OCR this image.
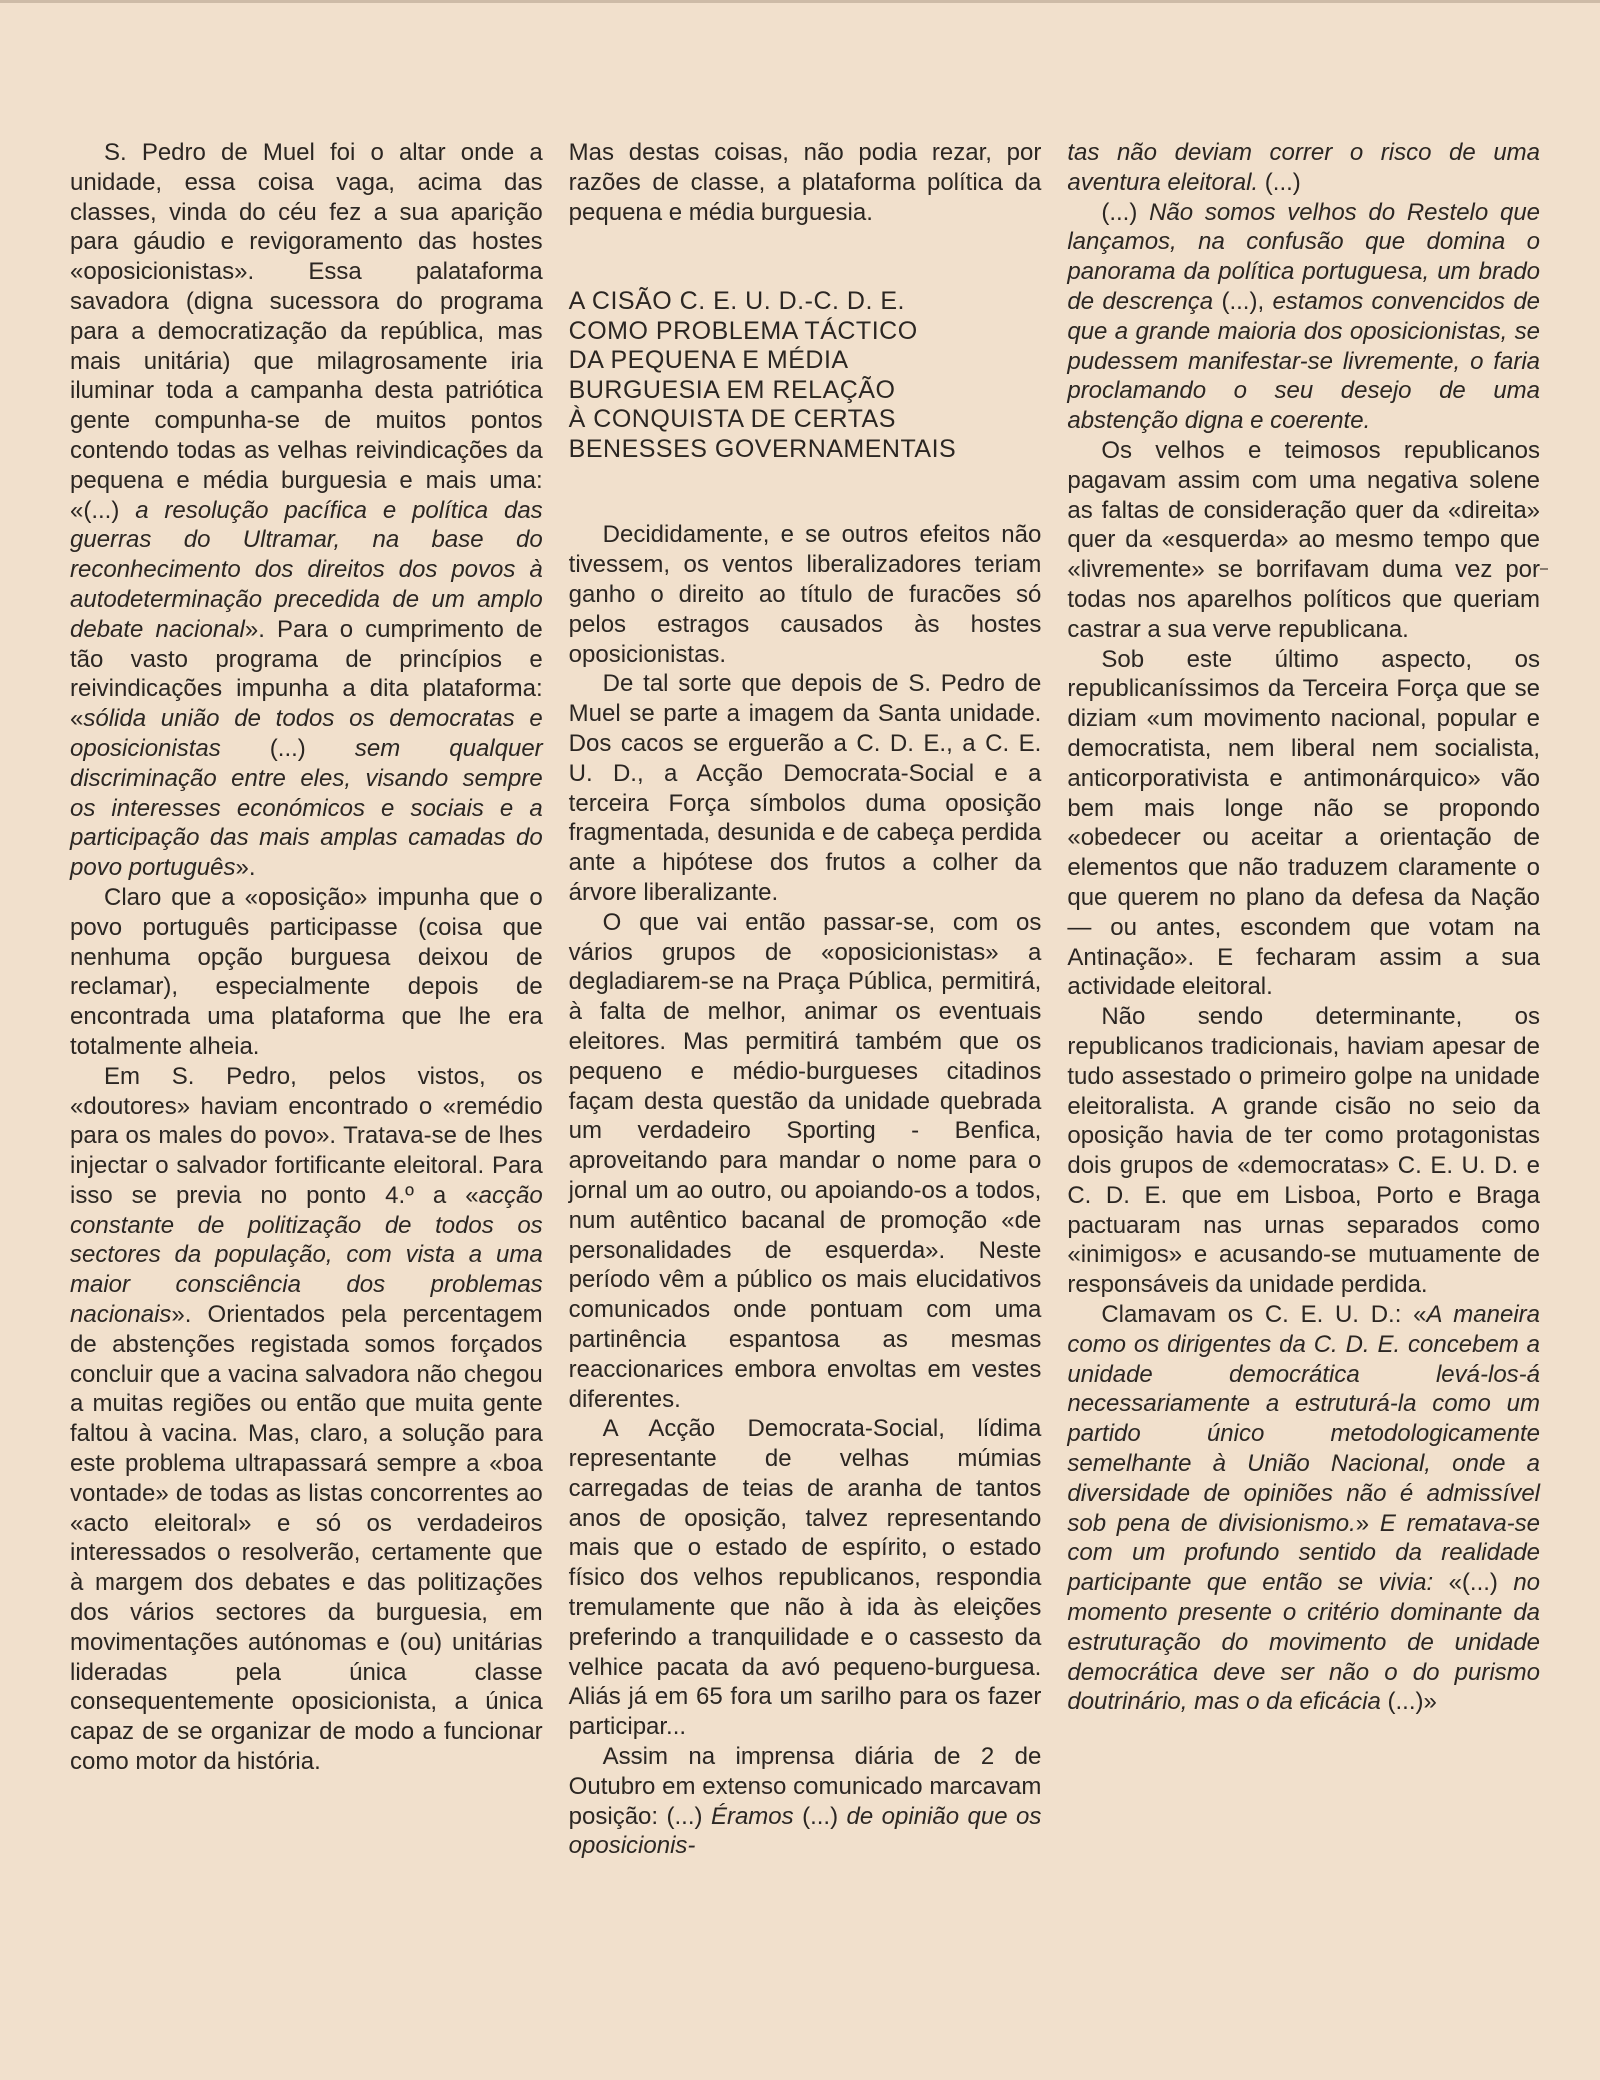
S. Pedro de Muel foi o altar onde a unidade, essa coisa vaga, acima das classes, vinda do céu fez a sua aparição para gáudio e revigoramento das hostes «oposicionistas». Essa palataforma savadora (digna sucessora do programa para a democratização da república, mas mais unitária) que milagrosamente iria iluminar toda a campanha desta patriótica gente compunha-se de muitos pontos contendo todas as velhas reivindicações da pequena e média burguesia e mais uma: «(...) a resolução pacífica e política das guerras do Ultramar, na base do reconhecimento dos direitos dos povos à autodeterminação precedida de um amplo debate nacional». Para o cumprimento de tão vasto programa de princípios e reivindicações impunha a dita plataforma: «sólida união de todos os democratas e oposicionistas (...) sem qualquer discriminação entre eles, visando sempre os interesses económicos e sociais e a participação das mais amplas camadas do povo português».

Claro que a «oposição» impunha que o povo português participasse (coisa que nenhuma opção burguesa deixou de reclamar), especialmente depois de encontrada uma plataforma que lhe era totalmente alheia.

Em S. Pedro, pelos vistos, os «doutores» haviam encontrado o «remédio para os males do povo». Tratava-se de lhes injectar o salvador fortificante eleitoral. Para isso se previa no ponto 4.º a «acção constante de politização de todos os sectores da população, com vista a uma maior consciência dos problemas nacionais». Orientados pela percentagem de abstenções registada somos forçados concluir que a vacina salvadora não chegou a muitas regiões ou então que muita gente faltou à vacina. Mas, claro, a solução para este problema ultrapassará sempre a «boa vontade» de todas as listas concorrentes ao «acto eleitoral» e só os verdadeiros interessados o resolverão, certamente que à margem dos debates e das politizações dos vários sectores da burguesia, em movimentações autónomas e (ou) unitárias lideradas pela única classe consequentemente oposicionista, a única capaz de se organizar de modo a funcionar como motor da história.

Mas destas coisas, não podia rezar, por razões de classe, a plataforma política da pequena e média burguesia.

A CISÃO C. E. U. D.-C. D. E.
COMO PROBLEMA TÁCTICO
DA PEQUENA E MÉDIA
BURGUESIA EM RELAÇÃO
À CONQUISTA DE CERTAS
BENESSES GOVERNAMENTAIS

Decididamente, e se outros efeitos não tivessem, os ventos liberalizadores teriam ganho o direito ao título de furacões só pelos estragos causados às hostes oposicionistas.

De tal sorte que depois de S. Pedro de Muel se parte a imagem da Santa unidade. Dos cacos se erguerão a C. D. E., a C. E. U. D., a Acção Democrata-Social e a terceira Força símbolos duma oposição fragmentada, desunida e de cabeça perdida ante a hipótese dos frutos a colher da árvore liberalizante.

O que vai então passar-se, com os vários grupos de «oposicionistas» a degladiarem-se na Praça Pública, permitirá, à falta de melhor, animar os eventuais eleitores. Mas permitirá também que os pequeno e médio-burgueses citadinos façam desta questão da unidade quebrada um verdadeiro Sporting - Benfica, aproveitando para mandar o nome para o jornal um ao outro, ou apoiando-os a todos, num autêntico bacanal de promoção «de personalidades de esquerda». Neste período vêm a público os mais elucidativos comunicados onde pontuam com uma partinência espantosa as mesmas reaccionarices embora envoltas em vestes diferentes.

A Acção Democrata-Social, lídima representante de velhas múmias carregadas de teias de aranha de tantos anos de oposição, talvez representando mais que o estado de espírito, o estado físico dos velhos republicanos, respondia tremulamente que não à ida às eleições preferindo a tranquilidade e o cassesto da velhice pacata da avó pequeno-burguesa. Aliás já em 65 fora um sarilho para os fazer participar...

Assim na imprensa diária de 2 de Outubro em extenso comunicado marcavam posição: (...) Éramos (...) de opinião que os oposicionis-

tas não deviam correr o risco de uma aventura eleitoral. (...)

(...) Não somos velhos do Restelo que lançamos, na confusão que domina o panorama da política portuguesa, um brado de descrença (...), estamos convencidos de que a grande maioria dos oposicionistas, se pudessem manifestar-se livremente, o faria proclamando o seu desejo de uma abstenção digna e coerente.

Os velhos e teimosos republicanos pagavam assim com uma negativa solene as faltas de consideração quer da «direita» quer da «esquerda» ao mesmo tempo que «livremente» se borrifavam duma vez por todas nos aparelhos políticos que queriam castrar a sua verve republicana.

Sob este último aspecto, os republicaníssimos da Terceira Força que se diziam «um movimento nacional, popular e democratista, nem liberal nem socialista, anticorporativista e antimonárquico» vão bem mais longe não se propondo «obedecer ou aceitar a orientação de elementos que não traduzem claramente o que querem no plano da defesa da Nação — ou antes, escondem que votam na Antinação». E fecharam assim a sua actividade eleitoral.

Não sendo determinante, os republicanos tradicionais, haviam apesar de tudo assestado o primeiro golpe na unidade eleitoralista. A grande cisão no seio da oposição havia de ter como protagonistas dois grupos de «democratas» C. E. U. D. e C. D. E. que em Lisboa, Porto e Braga pactuaram nas urnas separados como «inimigos» e acusando-se mutuamente de responsáveis da unidade perdida.

Clamavam os C. E. U. D.: «A maneira como os dirigentes da C. D. E. concebem a unidade democrática levá-los-á necessariamente a estruturá-la como um partido único metodologicamente semelhante à União Nacional, onde a diversidade de opiniões não é admissível sob pena de divisionismo.» E rematava-se com um profundo sentido da realidade participante que então se vivia: «(...) no momento presente o critério dominante da estruturação do movimento de unidade democrática deve ser não o do purismo doutrinário, mas o da eficácia (...)»
